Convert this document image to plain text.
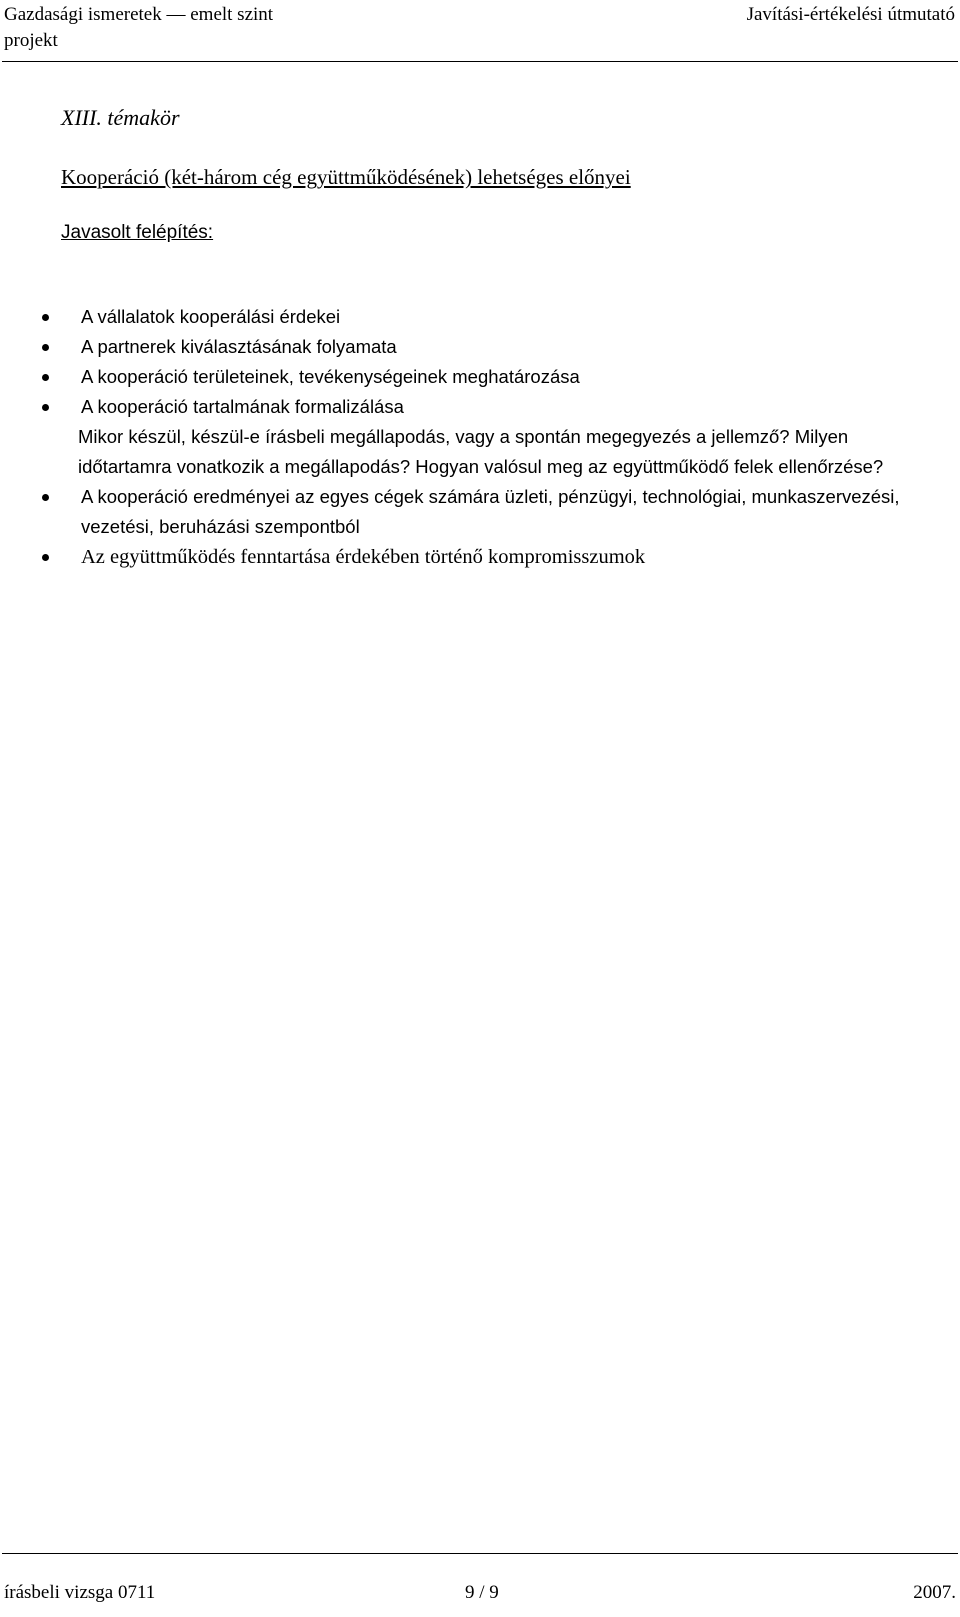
Gazdasági ismeretek — emelt szint
projekt
Javítási-értékelési útmutató
XIII. témakör
Kooperáció (két-három cég együttműködésének) lehetséges előnyei
Javasolt felépítés:
A vállalatok kooperálási érdekei
A partnerek kiválasztásának folyamata
A kooperáció területeinek, tevékenységeinek meghatározása
A kooperáció tartalmának formalizálása
Mikor készül, készül-e írásbeli megállapodás, vagy a spontán megegyezés a jellemző? Milyen időtartamra vonatkozik a megállapodás? Hogyan valósul meg az együttműködő felek ellenőrzése?
A kooperáció eredményei az egyes cégek számára üzleti, pénzügyi, technológiai, munkaszervezési, vezetési, beruházási szempontból
Az együttműködés fenntartása érdekében történő kompromisszumok
írásbeli vizsga 0711	9 / 9	2007.
